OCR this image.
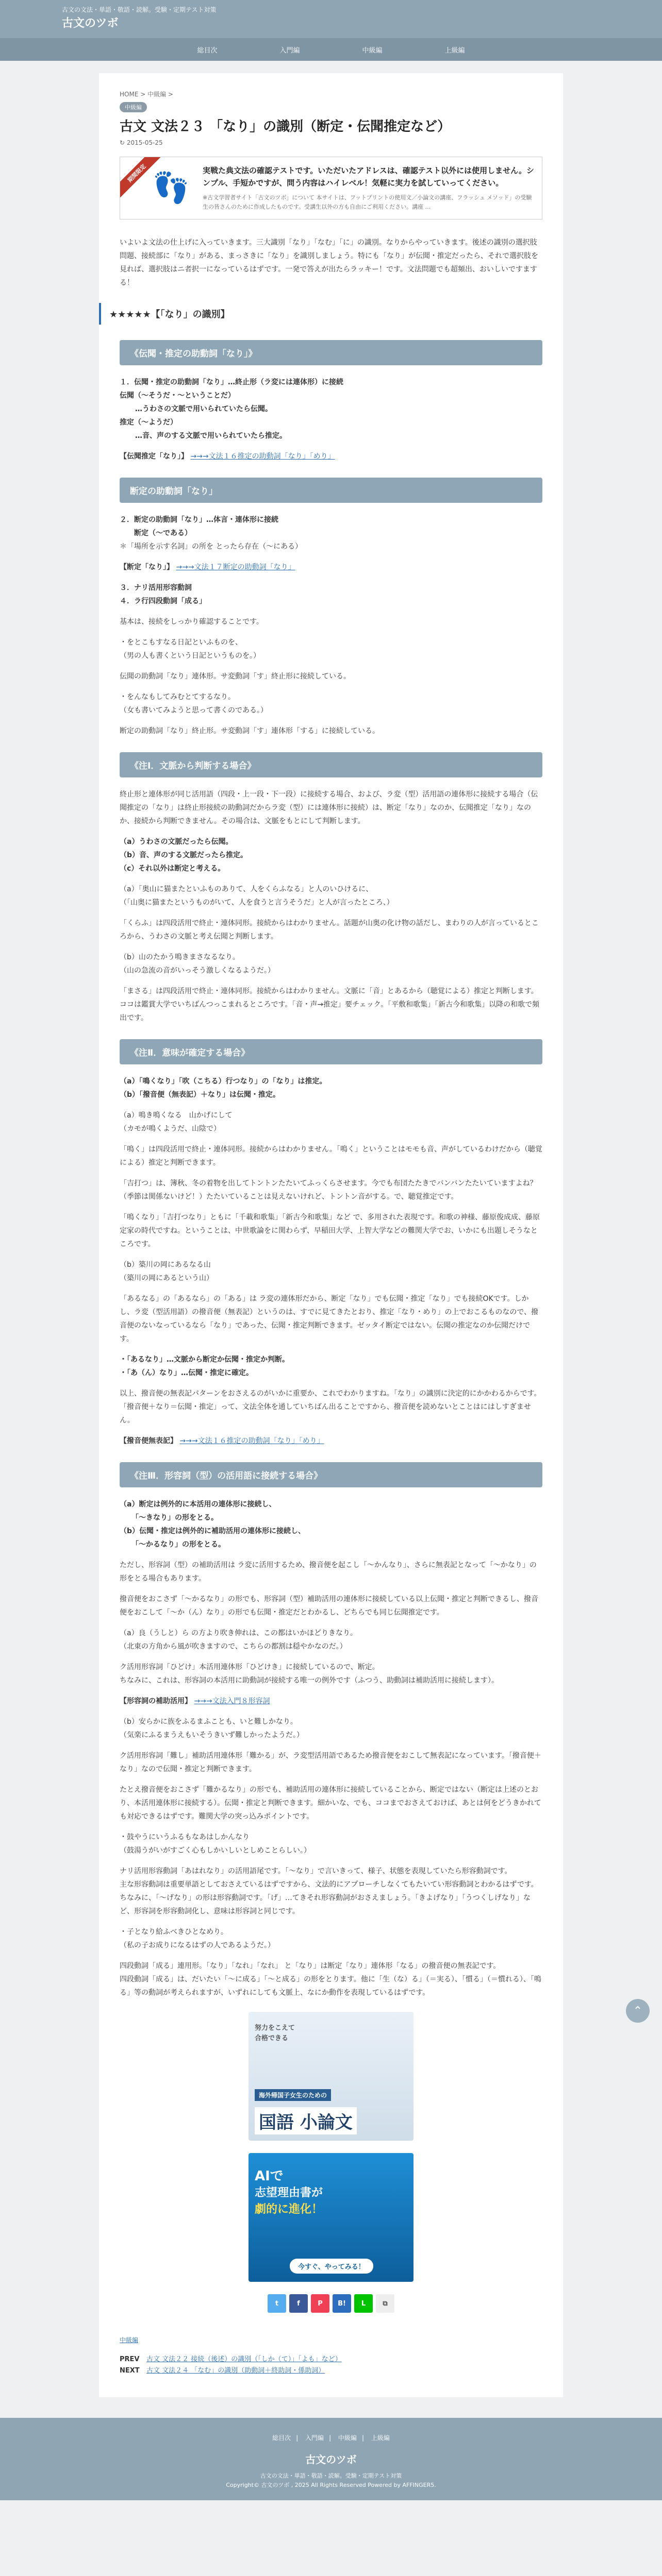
古文の文法・単語・敬語・読解。受験・定期テスト対策
古文のツボ
総目次	入門編	中級編	上級編
HOME > 中級編 >
中級編
古文 文法２３ 「なり」の識別（断定・伝聞推定など）
↻ 2015-05-25
期間限定 👣	実戦た典文法の確認テストです。いただいたアドレスは、確認テスト以外には使用しません。シンプル、手短かですが、問う内容はハイレベル！気軽に実力を試していってください。
※古文学習者サイト「古文のツボ」について 本サイトは、フットプリントの使用文／小論文の講座、フラッシュ メソッド」の受験生の皆さんのために作成したものです。受講生以外の方も自由にご利用ください。講座 ...

いよいよ文法の仕上げに入っていきます。三大識別「なり」「なむ」「に」の識別。なりからやっていきます。後述の識別の選択肢問題、接続部に「なり」がある、まっさきに「なり」を識別しましょう。特にも「なり」が伝聞・推定だったら、それで選択肢を見れば、選択肢はニ者択一になっているはずです。一発で答えが出たらラッキー！です。文法問題でも超頻出、おいしいですまする！

★★★★★【「なり」の識別】
《伝聞・推定の助動詞「なり」》

１．伝聞・推定の助動詞「なり」…終止形（ラ変には連体形）に接続

伝聞（～そうだ・～ということだ）

　…うわさの文脈で用いられていたら伝聞。

推定（～ようだ）

　…音、声のする文脈で用いられていたら推定。

【伝聞推定「なり」】 →→→文法１６推定の助動詞「なり」「めり」

断定の助動詞「なり」

２．断定の助動詞「なり」…体言・連体形に接続

　　断定（～である）

＊「場所を示す名詞」の所を とったら存在（～にある）

【断定「なり」】 →→→文法１７断定の助動詞「なり」

３．ナリ活用形容動詞

４．ラ行四段動詞「成る」

基本は、接続をしっかり確認することです。

・をとこもすなる日記といふものを、

（男の人も書くという日記というものを。）

伝聞の助動詞「なり」連体形。サ変動詞「す」終止形に接続している。

・をんなもしてみむとてするなり。

（女も書いてみようと思って書くのである。）

断定の助動詞「なり」終止形。サ変動詞「す」連体形「する」に接続している。

《注Ⅰ．文脈から判断する場合》

終止形と連体形が同じ活用語（四段・上一段・下一段）に接続する場合、および、ラ変（型）活用語の連体形に接続する場合（伝聞推定の「なり」は終止形接続の助動詞だからラ変（型）には連体形に接続）は、断定「なり」なのか、伝聞推定「なり」なのか、接続から判断できません。その場合は、文脈をもとにして判断します。

（a）うわさの文脈だったら伝聞。

（b）音、声のする文脈だったら推定。

（c）それ以外は断定と考える。

（a）「奥山に猫またといふものありて、人をくらふなる」と人のいひけるに、

（「山奥に猫またというものがいて、人を食うと言うそうだ」と人が言ったところ、）

「くらふ」は四段活用で終止・連体同形。接続からはわかりません。話題が山奥の化け物の話だし、まわりの人が言っているところから、うわさの文脈と考え伝聞と判断します。

（b）山のたかう鳴きまさなるなり。

（山の急流の音がいっそう激しくなるようだ。）

「まさる」は四段活用で終止・連体同形。接続からはわかりません。文脈に「音」とあるから（聴覚による）推定と判断します。ココは鑑賞大学でいちばんつっこまれるところです。「音・声→推定」要チェック。「平敷和歌集」「新古今和歌集」以降の和歌で頻出です。

《注Ⅱ．意味が確定する場合》

（a）「鳴くなり」「吹（こちる）行つなり」の「なり」は推定。

（b）「撥音便（無表記）＋なり」は伝聞・推定。

（a）鳴き鳴くなる　山かげにして

（カモが鳴くようだ、山陰で）

「鳴く」は四段活用で終止・連体同形。接続からはわかりません。「鳴く」ということはモモも音、声がしているわけだから（聴覚による）推定と判断できます。

「吉打つ」は、簿秋、冬の着物を出してトントンたたいてふっくらさせます。今でも布団たたきでバンバンたたいていますよね？（季節は関係ないけど！）たたいていることは見えないけれど、トントン音がする。で、聴覚推定です。

「鳴くなり」「吉打つなり」ともに「千載和歌集」「新古今和歌集」など で、多用された表現です。和歌の神様、藤原俊成成、藤原定家の時代ですね。ということは、中世歌論をに関わらず、早稲田大学、上智大学などの難関大学でお、いかにも出題しそうなところです。

（b）築川の岡にあるなる山

（築川の岡にあるという山）

「あるなる」の「あるなら」の「ある」は ラ変の連体形だから、断定「なり」でも伝聞・推定「なり」でも接続OKです。しかし、ラ変（型活用語）の撥音便（無表記）というのは、すでに見てきたとおり、推定「なり・めり」の上でおこるものなので、撥音便のないなっているなら「なり」であった、伝聞・推定判断できます。ゼッタイ断定ではない。伝聞の推定なのか伝聞だけです。

・「あるなり」…文脈から断定か伝聞・推定か判断。

・「あ（ん）なり」…伝聞・推定に確定。

以上、撥音便の無表記パターンをおさえるのがいかに重要か、これでわかりますね。「なり」の識別に決定的にかかわるからです。「撥音便＋なり＝伝聞・推定」って、文法全体を通していちばん出ることですから、撥音便を読めないとことはにはしすぎません。

【撥音便無表記】 →→→文法１６推定の助動詞「なり」「めり」

《注Ⅲ．形容詞（型）の活用語に接続する場合》

（a）断定は例外的に本活用の連体形に接続し、

　「～きなり」の形をとる。

（b）伝聞・推定は例外的に補助活用の連体形に接続し、

　「～かるなり」の形をとる。

ただし、形容詞（型）の補助活用は ラ変に活用するため、撥音便を起こし「～かんなり」、さらに無表記となって「～かなり」の形をとる場合もあります。

撥音便をおこさず「～かるなり」の形でも、形容詞（型）補助活用の連体形に接続している以上伝聞・推定と判断できるし、撥音便をおこして「～か（ん）なり」の形でも伝聞・推定だとわかるし、どちらでも同じ伝聞推定です。

（a）良（うしと）ら の方より吹き伸れは、この都はいかほどりきなり。

（北東の方角から風が吹きますので、こちらの都割は穏やかなのだ。）

ク活用形容詞「ひどけ」本活用連体形「ひどけき」に接続しているので、断定。

ちなみに、これは、形容詞の本活用に助動詞が接続する唯一の例外です（ふつう、助動詞は補助活用に接続します）。

【形容詞の補助活用】 →→→文法入門８形容詞

（b）安らかに族をふるまふことも、いと難しかなり。

（気楽にふるまうえもいそうきいず難しかったようだ。）

ク活用形容詞「難し」補助活用連体形「難かる」が、ラ変型活用語であるため撥音便をおこして無表記になっています。「撥音便＋なり」なので伝聞・推定と判断できます。

たとえ撥音便をおこさず「難かるなり」の形でも、補助活用の連体形に接続していることから、断定ではない（断定は上述のとおり、本活用連体形に接続する）。伝聞・推定と判断できます。細かいな、でも、ココまでおさえておけば、あとは何をどうきかれても対応できるはずです。難関大学の突っ込みポイントです。

・鼓やうにいうふるもなあはしかんなり

（鼓湯うがいがすごく心もしかいしいとしめことらしい。）

ナリ活用形容動詞「あはれなり」の活用語尾です。「～なり」で言いきって、様子、状態を表現していたら形容動詞です。

主な形容動詞は重要単語としておさえているはずですから、文法的にアプローチしなくてもたいてい形容動詞とわかるはずです。

ちなみに、「～げなり」の形は形容動詞です。「げ」…てきそれ形容動詞がおさえましょう。「きよげなり」「うつくしげなり」など、形容詞を形容動詞化し、意味は形容詞と同じです。

・子となり給ふべきひとなめり。

（私の子お成りになるはずの人であるようだ。）

四段動詞「成る」連用形。「なり」「なれ」「なれ」 と「なり」は断定「なり」連体形「なる」の撥音便の無表記です。

四段動詞「成る」は、だいたい「～に成る」「～と成る」の形をとります。他に「生（な）る」（＝実る）、「慣る」（＝慣れる）、「鳴る」等の動詞が考えられますが、いずれにしても文脈上、なにか動作を表現しているはずです。

努力をこえて
合格できる
海外帰国子女生のための
国語 小論文
AIで
志望理由書が
劇的に進化！
今すぐ、やってみる！
t	f	P	B!	L	⧉

中級編

PREV 古文 文法２２ 接続（後述）の識別（「しか（て）」「よも」など）
NEXT 古文 文法２４ 「なむ」の識別（助動詞＋終助詞・係助詞）
総目次 | 入門編 | 中級編 | 上級編
古文のツボ
古文の文法・単語・敬語・読解。受験・定期テスト対策
Copyright© 古文のツボ , 2025 All Rights Reserved Powered by AFFINGER5.
⌃
